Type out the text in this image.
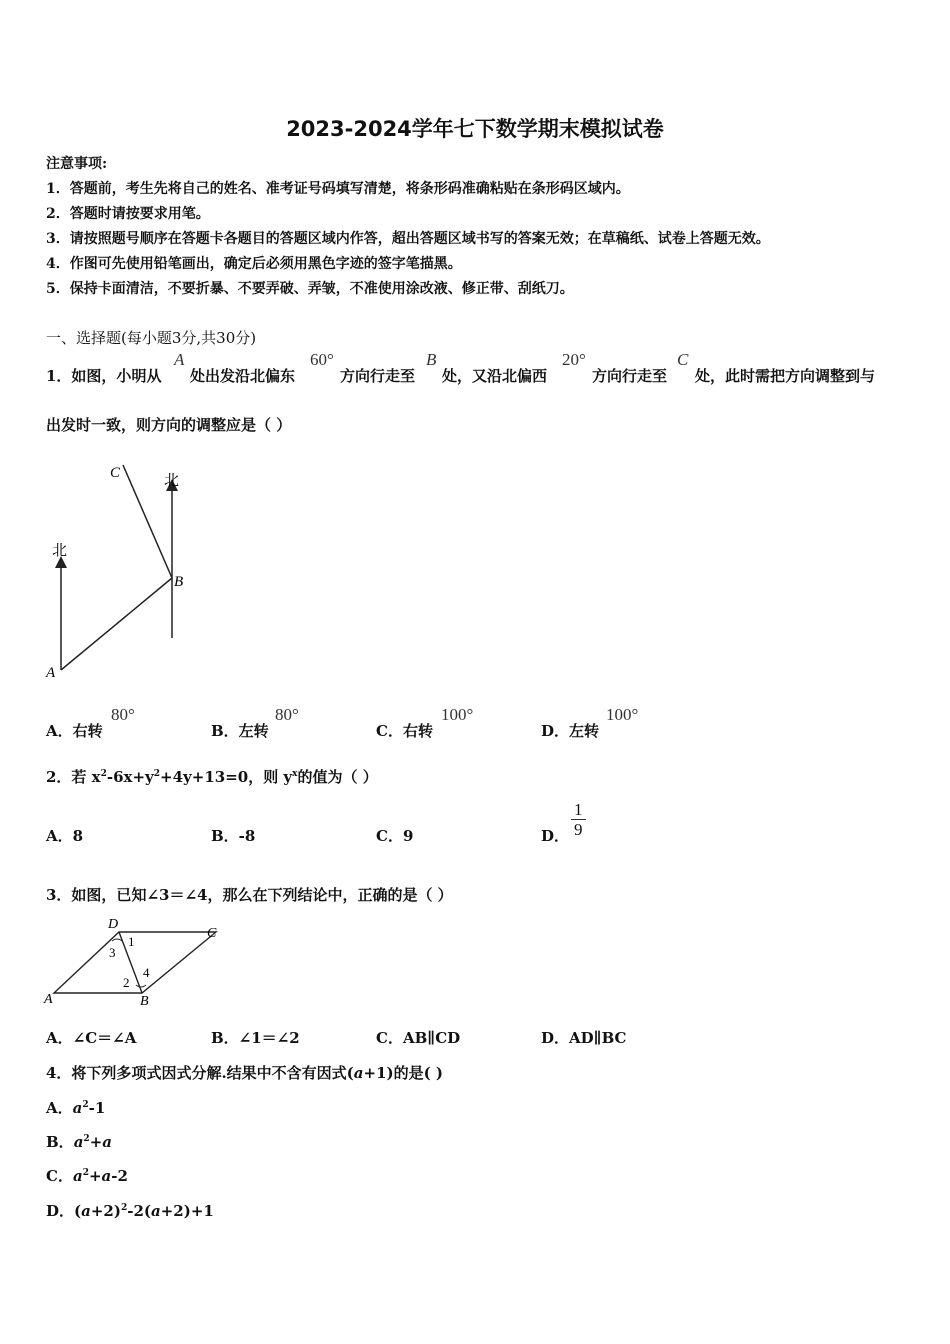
2023-2024学年七下数学期末模拟试卷
注意事项:
1．答题前，考生先将自己的姓名、准考证号码填写清楚，将条形码准确粘贴在条形码区域内。
2．答题时请按要求用笔。
3．请按照题号顺序在答题卡各题目的答题区域内作答，超出答题区域书写的答案无效；在草稿纸、试卷上答题无效。
4．作图可先使用铅笔画出，确定后必须用黑色字迹的签字笔描黑。
5．保持卡面清洁，不要折暴、不要弄破、弄皱，不准使用涂改液、修正带、刮纸刀。
一、选择题(每小题3分,共30分)
1．如图，小明从
A
处出发沿北偏东
60°
方向行走至
B
处，又沿北偏西
20°
方向行走至
C
处，此时需把方向调整到与
出发时一致，则方向的调整应是（ ）
北
北
A
B
C
A．右转
80°
B．左转
80°
C．右转
100°
D．左转
100°
2．若 $x^2-6x+y^2+4y+13=0$，则 $y^x$的值为（ ）
A．8	B．-8	C．9	D． $\frac{1}{9}$
3．如图，已知∠3＝∠4，那么在下列结论中，正确的是（ ）
D
C
A	B
1
3
2
4
A．∠C＝∠A	B．∠1＝∠2	C．AB∥CD	D．AD∥BC
4．将下列多项式因式分解.结果中不含有因式(a+1)的是( )
A．$a^2-1$
B．$a^2+a$
C．$a^2+a-2$
D．$(a+2)^2-2(a+2)+1$
